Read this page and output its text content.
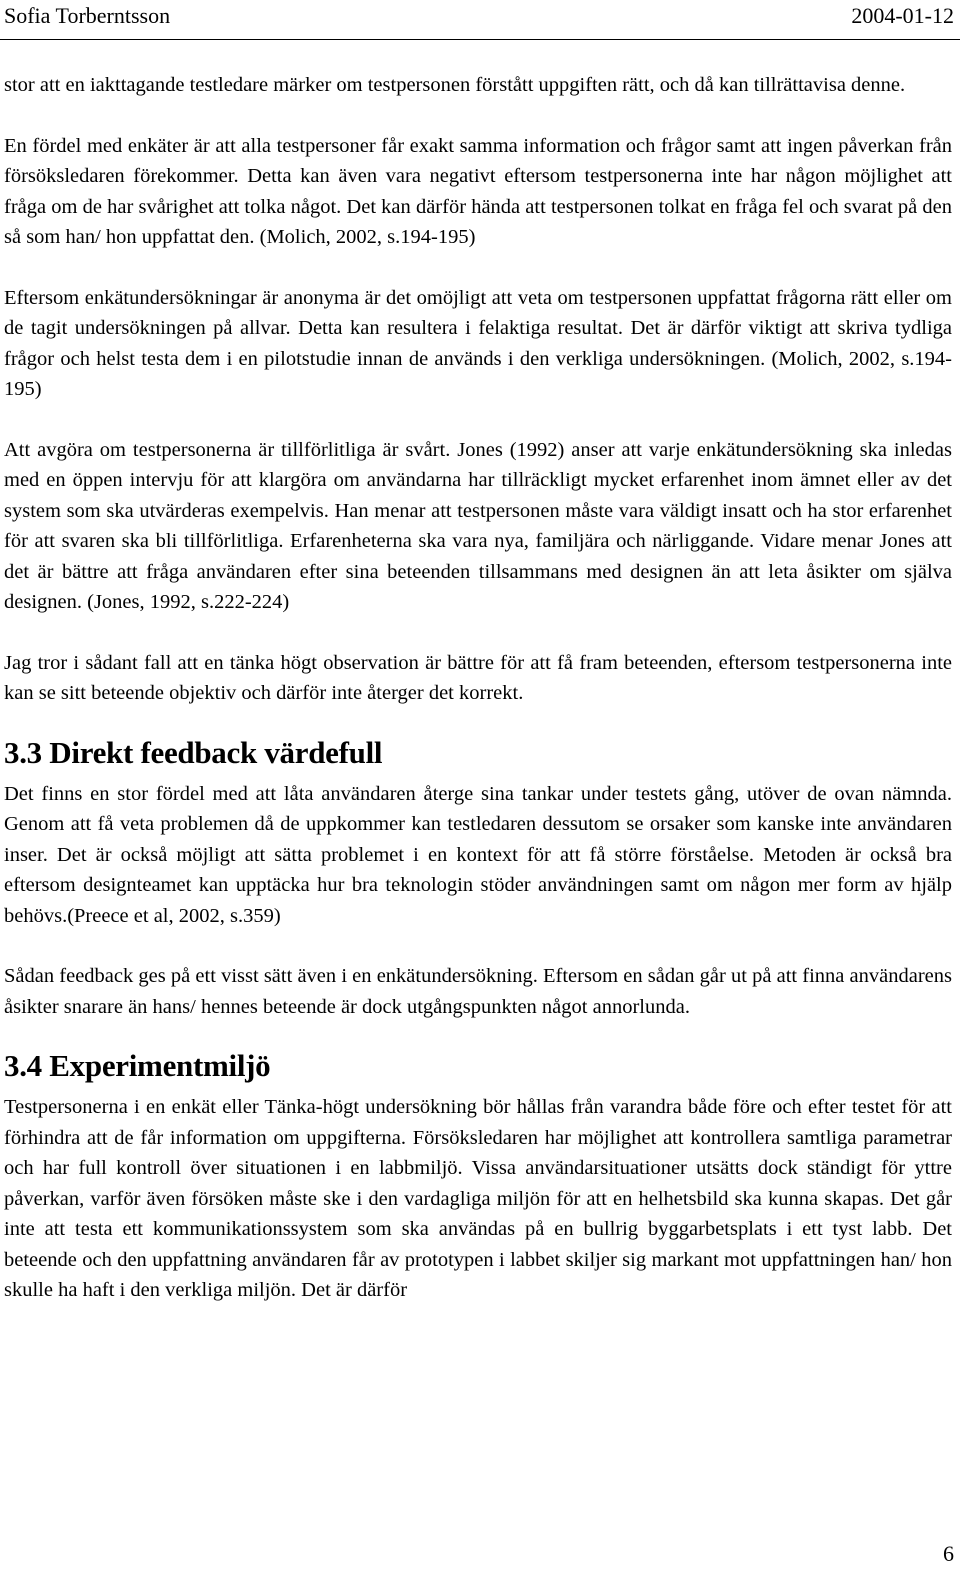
Sofia Torberntsson	2004-01-12

stor att en iakttagande testledare märker om testpersonen förstått uppgiften rätt, och då kan tillrättavisa denne.

En fördel med enkäter är att alla testpersoner får exakt samma information och frågor samt att ingen påverkan från försöksledaren förekommer. Detta kan även vara negativt eftersom testpersonerna inte har någon möjlighet att fråga om de har svårighet att tolka något. Det kan därför hända att testpersonen tolkat en fråga fel och svarat på den så som han/ hon uppfattat den. (Molich, 2002, s.194-195)

Eftersom enkätundersökningar är anonyma är det omöjligt att veta om testpersonen uppfattat frågorna rätt eller om de tagit undersökningen på allvar. Detta kan resultera i felaktiga resultat. Det är därför viktigt att skriva tydliga frågor och helst testa dem i en pilotstudie innan de används i den verkliga undersökningen. (Molich, 2002, s.194-195)

Att avgöra om testpersonerna är tillförlitliga är svårt. Jones (1992) anser att varje enkätundersökning ska inledas med en öppen intervju för att klargöra om användarna har tillräckligt mycket erfarenhet inom ämnet eller av det system som ska utvärderas exempelvis. Han menar att testpersonen måste vara väldigt insatt och ha stor erfarenhet för att svaren ska bli tillförlitliga. Erfarenheterna ska vara nya, familjära och närliggande. Vidare menar Jones att det är bättre att fråga användaren efter sina beteenden tillsammans med designen än att leta åsikter om själva designen. (Jones, 1992, s.222-224)

Jag tror i sådant fall att en tänka högt observation är bättre för att få fram beteenden, eftersom testpersonerna inte kan se sitt beteende objektiv och därför inte återger det korrekt.

3.3 Direkt feedback värdefull

Det finns en stor fördel med att låta användaren återge sina tankar under testets gång, utöver de ovan nämnda. Genom att få veta problemen då de uppkommer kan testledaren dessutom se orsaker som kanske inte användaren inser. Det är också möjligt att sätta problemet i en kontext för att få större förståelse. Metoden är också bra eftersom designteamet kan upptäcka hur bra teknologin stöder användningen samt om någon mer form av hjälp behövs.(Preece et al, 2002, s.359)

Sådan feedback ges på ett visst sätt även i en enkätundersökning. Eftersom en sådan går ut på att finna användarens åsikter snarare än hans/ hennes beteende är dock utgångspunkten något annorlunda.

3.4 Experimentmiljö

Testpersonerna i en enkät eller Tänka-högt undersökning bör hållas från varandra både före och efter testet för att förhindra att de får information om uppgifterna. Försöksledaren har möjlighet att kontrollera samtliga parametrar och har full kontroll över situationen i en labbmiljö. Vissa användarsituationer utsätts dock ständigt för yttre påverkan, varför även försöken måste ske i den vardagliga miljön för att en helhetsbild ska kunna skapas. Det går inte att testa ett kommunikationssystem som ska användas på en bullrig byggarbetsplats i ett tyst labb. Det beteende och den uppfattning användaren får av prototypen i labbet skiljer sig markant mot uppfattningen han/ hon skulle ha haft i den verkliga miljön. Det är därför

6
